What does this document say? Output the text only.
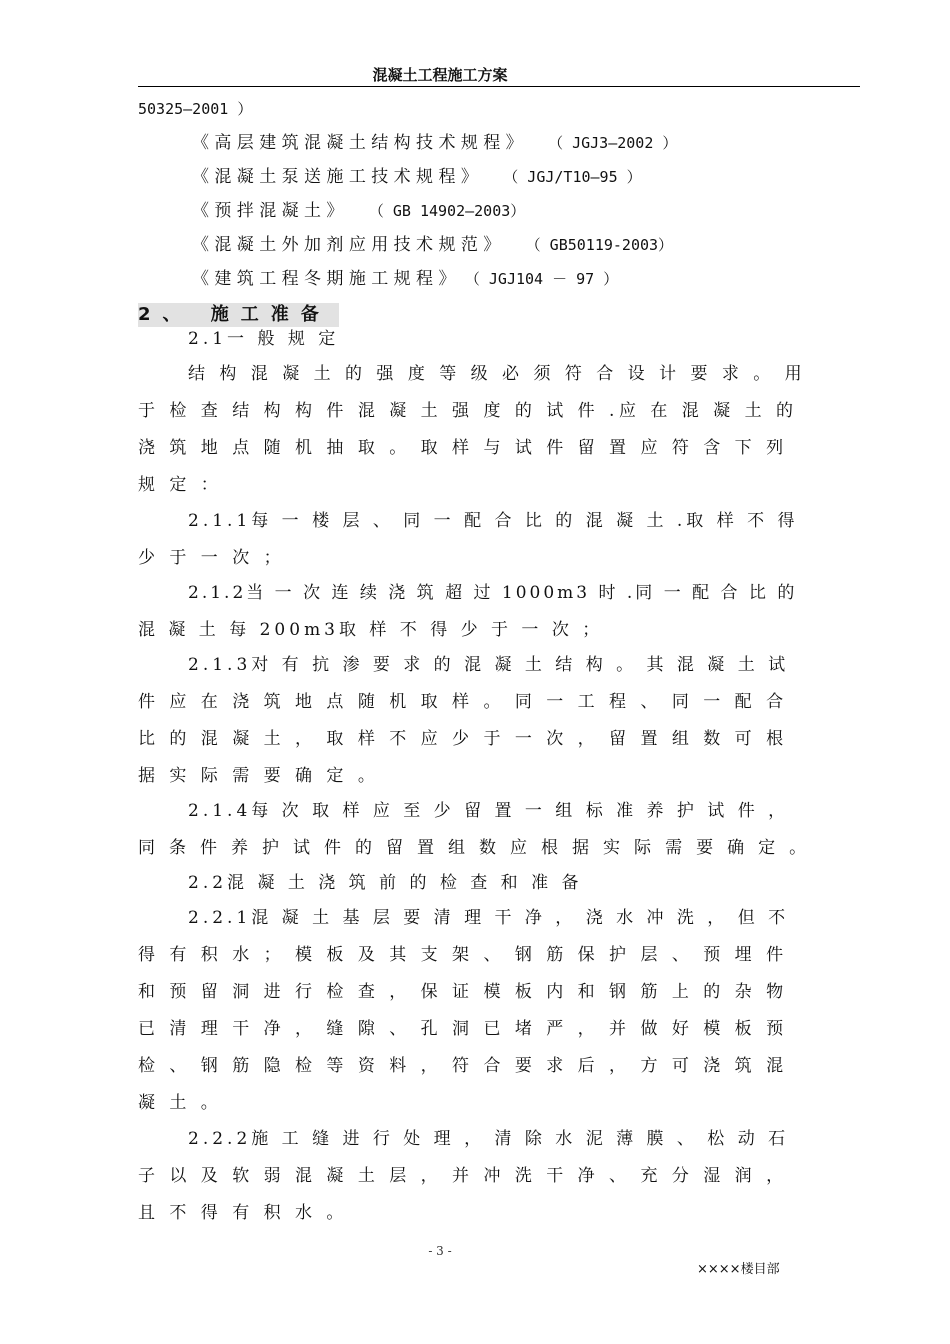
混凝土工程施工方案
50325—2001 ）
《 高 层 建 筑 混 凝 土 结 构 技 术 规 程 》 （ JGJ3—2002 ）
《 混 凝 土 泵 送 施 工 技 术 规 程 》 （ JGJ/T10—95 ）
《 预 拌 混 凝 土 》 （ GB 14902—2003）
《 混 凝 土 外 加 剂 应 用 技 术 规 范 》 （ GB50119-2003）
《 建 筑 工 程 冬 期 施 工 规 程 》 （ JGJ104 － 97 ）
2、 施工准备
2.1一 般 规 定
结 构 混 凝 土 的 强 度 等 级 必 须 符 合 设 计 要 求 。 用
于 检 查 结 构 构 件 混 凝 土 强 度 的 试 件 .应 在 混 凝 土 的
浇 筑 地 点 随 机 抽 取 。 取 样 与 试 件 留 置 应 符 含 下 列
规 定 ：
2.1.1每 一 楼 层 、 同 一 配 合 比 的 混 凝 土 .取 样 不 得
少 于 一 次 ；
2.1.2当 一 次 连 续 浇 筑 超 过 1000m3 时 .同 一 配 合 比 的
混 凝 土 每 200m3取 样 不 得 少 于 一 次 ；
2.1.3对 有 抗 渗 要 求 的 混 凝 土 结 构 。 其 混 凝 土 试
件 应 在 浇 筑 地 点 随 机 取 样 。 同 一 工 程 、 同 一 配 合
比 的 混 凝 土 ， 取 样 不 应 少 于 一 次 ， 留 置 组 数 可 根
据 实 际 需 要 确 定 。
2.1.4每 次 取 样 应 至 少 留 置 一 组 标 准 养 护 试 件 ，
同 条 件 养 护 试 件 的 留 置 组 数 应 根 据 实 际 需 要 确 定 。
2.2混 凝 土 浇 筑 前 的 检 查 和 准 备
2.2.1混 凝 土 基 层 要 清 理 干 净 ， 浇 水 冲 洗 ， 但 不
得 有 积 水 ； 模 板 及 其 支 架 、 钢 筋 保 护 层 、 预 埋 件
和 预 留 洞 进 行 检 查 ， 保 证 模 板 内 和 钢 筋 上 的 杂 物
已 清 理 干 净 ， 缝 隙 、 孔 洞 已 堵 严 ， 并 做 好 模 板 预
检 、 钢 筋 隐 检 等 资 料 ， 符 合 要 求 后 ， 方 可 浇 筑 混
凝 土 。
2.2.2施 工 缝 进 行 处 理 ， 清 除 水 泥 薄 膜 、 松 动 石
子 以 及 软 弱 混 凝 土 层 ， 并 冲 洗 干 净 、 充 分 湿 润 ，
且 不 得 有 积 水 。
- 3 -
××××楼目部
